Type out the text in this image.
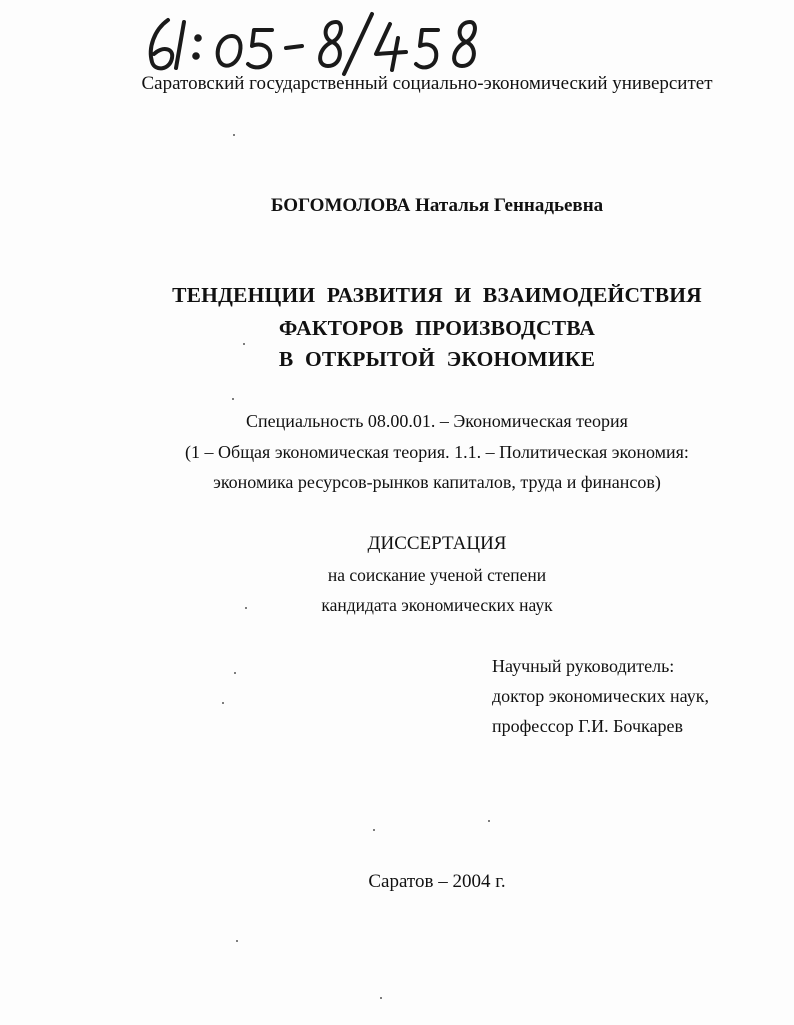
Саратовский государственный социально-экономический университет
БОГОМОЛОВА Наталья Геннадьевна
ТЕНДЕНЦИИ РАЗВИТИЯ И ВЗАИМОДЕЙСТВИЯ
ФАКТОРОВ ПРОИЗВОДСТВА
В ОТКРЫТОЙ ЭКОНОМИКЕ
Специальность 08.00.01. – Экономическая теория
(1 – Общая экономическая теория. 1.1. – Политическая экономия:
экономика ресурсов-рынков капиталов, труда и финансов)
ДИССЕРТАЦИЯ
на соискание ученой степени
кандидата экономических наук
Научный руководитель:
доктор экономических наук,
профессор Г.И. Бочкарев
Саратов – 2004 г.
